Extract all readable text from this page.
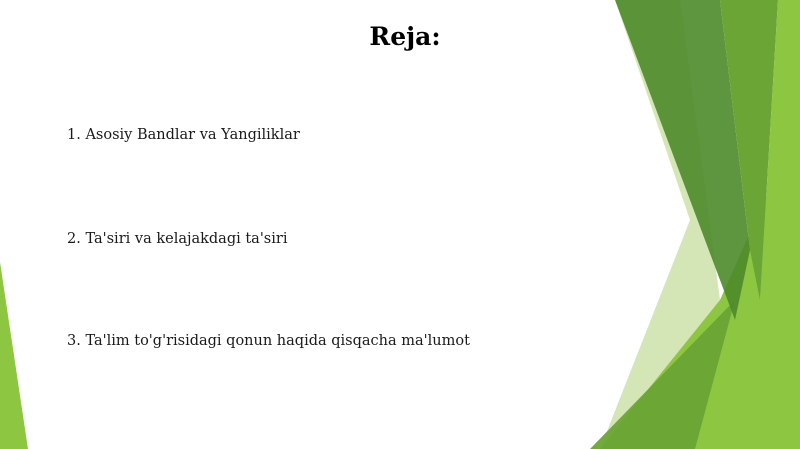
Reja:
1. Asosiy Bandlar va Yangiliklar
2. Ta'siri va kelajakdagi ta'siri
3. Ta'lim to'g'risidagi qonun haqida qisqacha ma'lumot
